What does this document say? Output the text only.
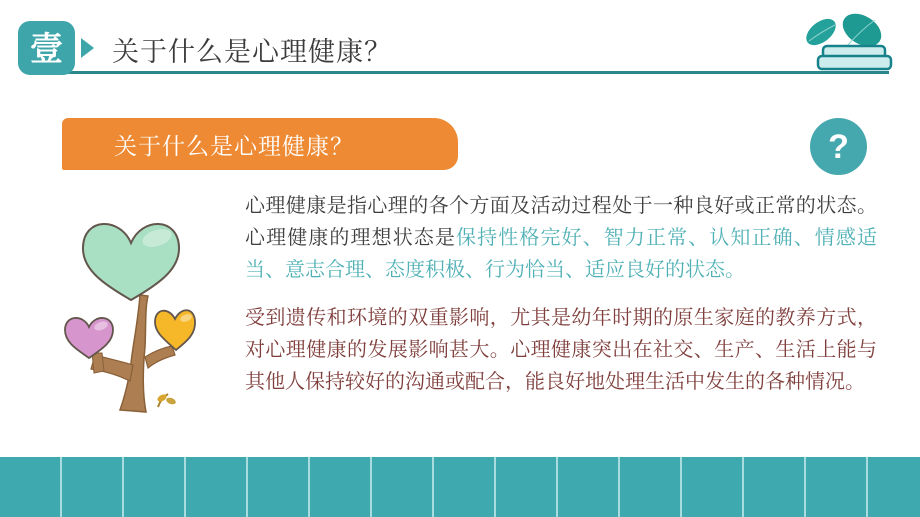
壹 关于什么是心理健康？
关于什么是心理健康？	?

心理健康是指心理的各个方面及活动过程处于一种良好或正常的状态。心理健康的理想状态是保持性格完好、智力正常、认知正确、情感适当、意志合理、态度积极、行为恰当、适应良好的状态。

受到遗传和环境的双重影响，尤其是幼年时期的原生家庭的教养方式，对心理健康的发展影响甚大。心理健康突出在社交、生产、生活上能与其他人保持较好的沟通或配合，能良好地处理生活中发生的各种情况。
